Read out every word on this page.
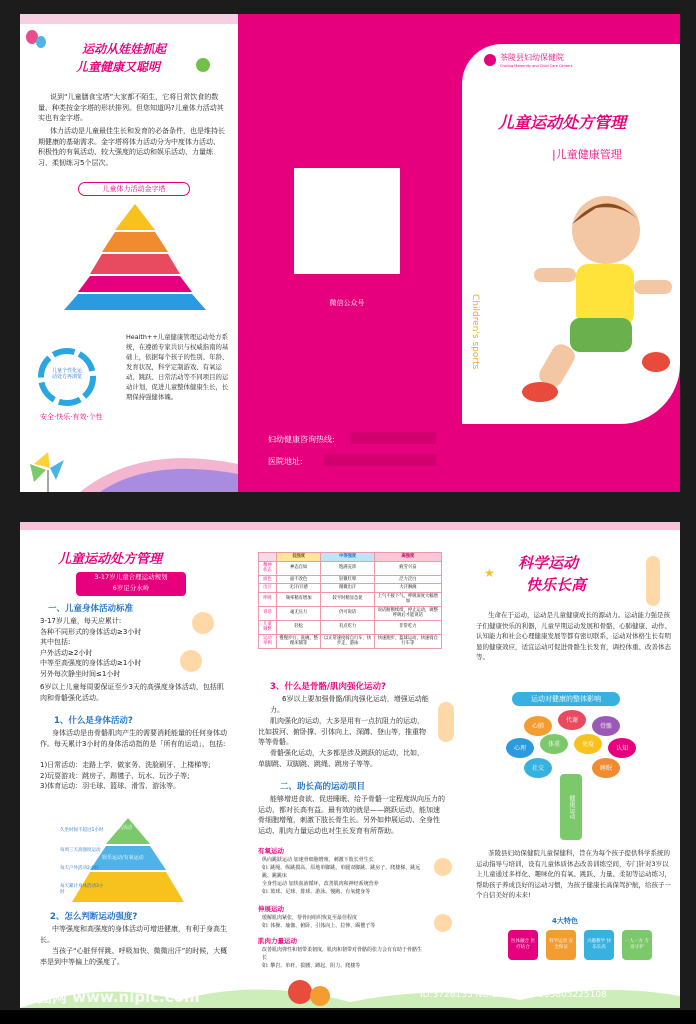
运动从娃娃抓起
儿童健康又聪明
说到“儿童膳食宝塔”大家都不陌生，它将日常饮食的数量、种类按金字塔的形状排列。但您知道吗?儿童体力活动其实也有金字塔。
体力活动是儿童最佳生长和发育的必备条件，也是维持长期健康的基础需求。金字塔将体力活动分为中度体力活动、积极性的有氧活动、较大强度的运动和娱乐活动、力量练习、柔韧练习5个层次。
儿童体力活动金字塔
儿童个性化运动处方再浏览
Health++儿童健康管理运动处方系统，在遵循专家共识与权威指南的基础上，依据每个孩子的性别、年龄、发育状况，科学定制游戏、有氧运动、跳跃、日常活动等不同项目的运动计划，促进儿童整体健康生长，长期保持强健体魄。
安全·快乐·有效·个性
微信公众号
妇幼健康咨询热线:
医院地址:
茶陵县妇幼保健院
Chaling Maternity and Child Care Centers
儿童运动处方管理
|儿童健康管理
Children's sports
儿童运动处方管理
3-17岁儿童合理运动规划
6岁足分水岭
一、儿童身体活动标准
3-17岁儿童，每天应累计:
各种不同形式的身体活动≥3小时
其中包括:
户外活动≥2小时
中等至高强度的身体活动≥1小时
另外每次静坐时间≤1小时
6岁以上儿童每周要保证至少3天的高强度身体活动，包括肌肉和骨骼强化活动。
1、什么是身体活动?
身体活动是由骨骼肌肉产生的需要消耗能量的任何身体动作。每天累计3小时的身体活动指的是「所有的运动」，包括:
1)日常活动：走路上学、做家务、洗脸刷牙、上楼梯等;
2)玩耍游戏：跳房子、踢毽子、玩水、玩沙子等;
3)体育运动：羽毛球、篮球、滑雪、游泳等。
静坐活动
娱乐运动/有氧运动
久坐时间不超过1小时
每周三天高强度运动
每天户外活动2小时
每天累计身体活动3小时
2、怎么判断运动强度?
中等强度和高强度的身体活动可增进健康，有利于身高生长。
当孩子“心脏怦怦跳、呼吸加快、微微出汗”的时候，大概率是到中等偏上的强度了。
	低强度	中等强度	高强度
精神状态	神态自如	饱满充沛	疲劳兴奋
面色	面不改色	轻微红晕	泛力泛白
出汗	无汗/汗感	微微出汗	大汗淋漓
呼吸	频率稍有增加	较平时稍显急促	上气不接下气，呼吸深度大幅增加
说话	毫无压力	仍可说话	说话断断续续，停止运动，调整呼吸后才能说话
儿童频繁	轻松	有点吃力	非常吃力
运动举例	慢慢步行、洗碗、整理床铺等	以正常速度骑自行车、快步走、游泳	快速跑步、篮球运动、快速骑自行车等
3、什么是骨骼/肌肉强化运动?
6岁以上要加强骨骼/肌肉强化运动，增强运动能力。
肌肉强化的运动，大多是用有一点抗阻力的运动，比如拔河、俯卧撑、引体向上、深蹲、登山等，推重物等等骨骼。
骨骼强化运动，大多都是涉及跳跃的运动，比如，单脚跳、双脚跳、跳绳、跳房子等等。
二、助长高的运动项目
能够增进食欲、促进睡眠、给予骨骼一定程度纵向压力的运动，都对长高有益。最有效的就是——跳跃运动，能加速骨细胞增殖，刺激下肢长骨生长。另外如伸展运动、全身性运动、肌肉力量运动也对生长发育有所帮助。
有氧运动
纵向跳跃运动 加速骨细胞增殖，刺激下肢长骨生长
如: 跳绳、纵跳摸高、原地单脚跳、单腿双脚跳、跳房子、爬楼梯、跳远跳、跳跳床
全身性运动 加快血液循环，改善肌肉和神经系统营养
如: 篮球、足球、排球、游泳、慢跑、有氧健身等
伸展运动
缓解肌肉紧张，帮骨间组织恢复至最佳程度
如: 体操、瑜伽、俯卧、引体向上、拉伸、踢毽子等
肌肉力量运动
改善肌肉弹性和韧带柔韧度，肌肉和韧带对骨骼的张力会有有助于骨骼生长
如: 攀岩、单杆、拔腰、蹲起、阻力、爬楼等
科学运动
快乐长高
★
生命在于运动，运动是儿童健康成长的源动力。运动能力强是孩子们健康快乐的利器，儿童早期运动发展和骨骼、心肺健康、动作、认知能力和社会心理健康发展等都有密切联系，运动对体格生长有明显的健康效应，适宜运动可促进骨骼生长发育，调控体重、改善体态等。
运动对健康的整体影响
健康运动
心肺
代谢
骨骼
心理
体重	免疫
认知
社交	睡眠
茶陵县妇幼保健院儿童保健科，旨在为每个孩子提供科学系统的运动指导与培训，设有儿童体质体态改善训练空间，专门针对3岁以上儿童通过多样化、趣味化的有氧、跳跃、力量、柔韧等运动练习，帮助孩子养成良好的运动习惯，为孩子健康长高保驾护航，给孩子一个自信美好的未来!
4大特色
医体融合 医疗结合
科学运动 安全保证
兴趣教学 快乐长高
一人一方 专业守护
昵图网 www.nipic.com	ID:3726133 NO:20260125163805225108
